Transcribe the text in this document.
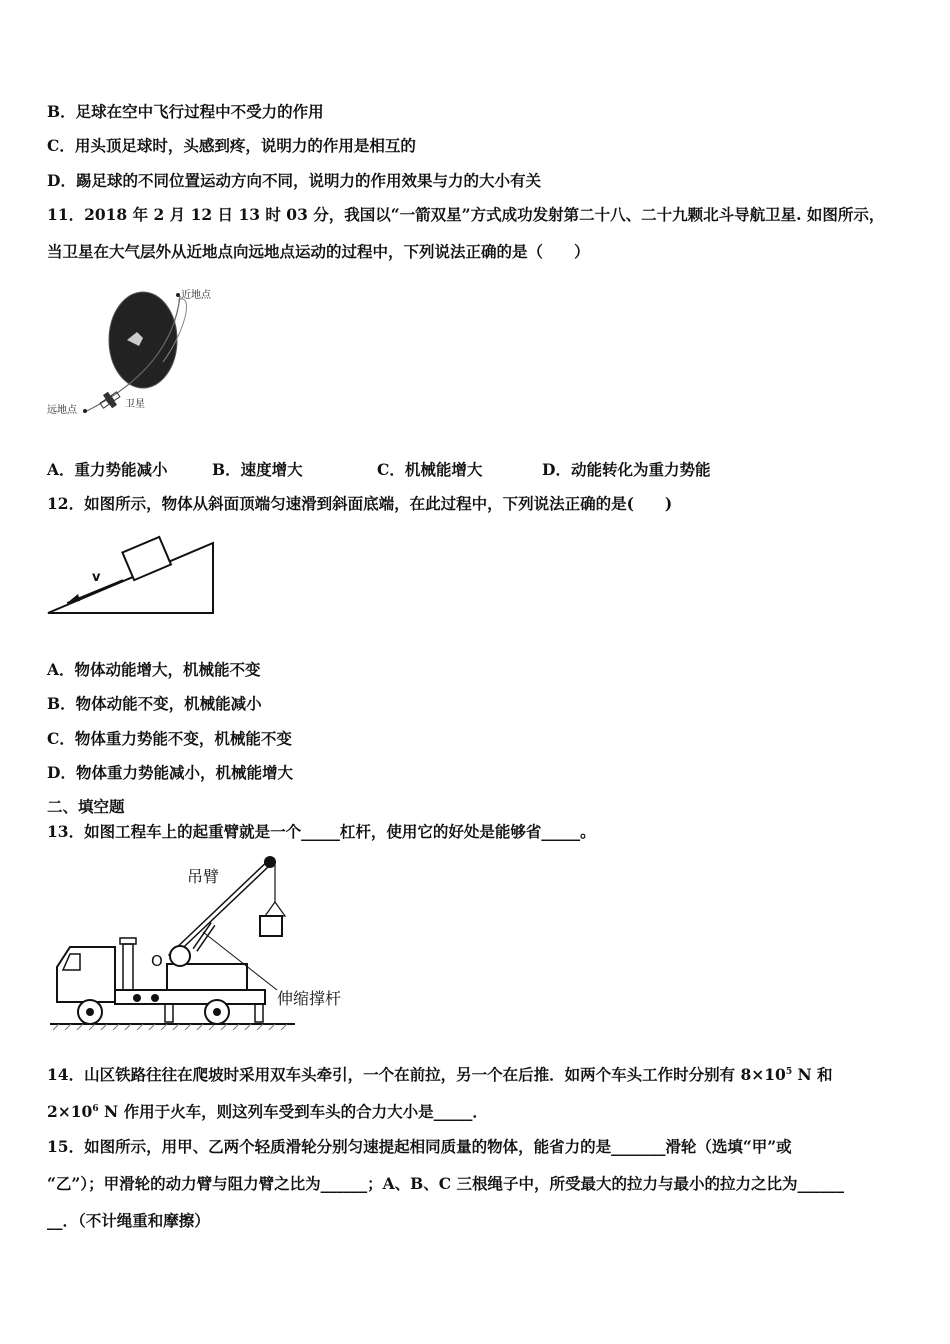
B．足球在空中飞行过程中不受力的作用
C．用头顶足球时，头感到疼，说明力的作用是相互的
D．踢足球的不同位置运动方向不同，说明力的作用效果与力的大小有关
11．2018 年 2 月 12 日 13 时 03 分，我国以“一箭双星”方式成功发射第二十八、二十九颗北斗导航卫星. 如图所示，
当卫星在大气层外从近地点向远地点运动的过程中，下列说法正确的是（　　）
近地点
远地点
卫星
A．重力势能减小	B．速度增大	C．机械能增大	D．动能转化为重力势能
12．如图所示，物体从斜面顶端匀速滑到斜面底端，在此过程中，下列说法正确的是(　　)
v
A．物体动能增大，机械能不变
B．物体动能不变，机械能减小
C．物体重力势能不变，机械能不变
D．物体重力势能减小，机械能增大
二、填空题
13．如图工程车上的起重臂就是一个_____杠杆，使用它的好处是能够省_____。
吊臂
O
伸缩撑杆
14．山区铁路往往在爬坡时采用双车头牵引，一个在前拉，另一个在后推．如两个车头工作时分别有 $8\times 10^5$ N 和
$2\times 10^6$ N 作用于火车，则这列车受到车头的合力大小是_____．
15．如图所示，用甲、乙两个轻质滑轮分别匀速提起相同质量的物体，能省力的是_______滑轮（选填“甲”或
“乙”）；甲滑轮的动力臂与阻力臂之比为______；A、B、C 三根绳子中，所受最大的拉力与最小的拉力之比为______
__．（不计绳重和摩擦）
